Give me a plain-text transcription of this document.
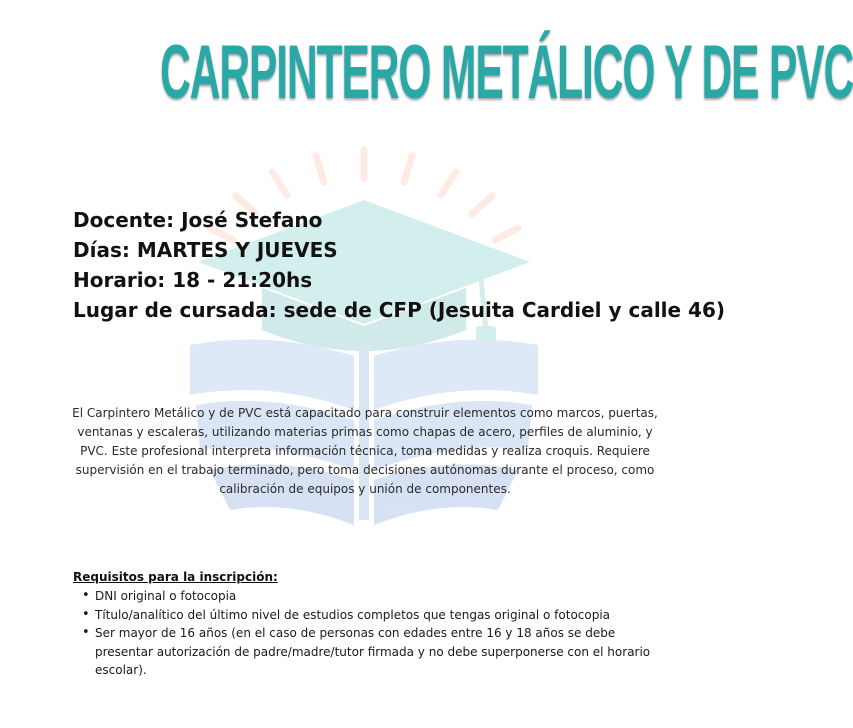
CARPINTERO METÁLICO Y DE PVC
Docente: José Stefano
Días: MARTES Y JUEVES
Horario: 18 - 21:20hs
Lugar de cursada: sede de CFP (Jesuita Cardiel y calle 46)

El Carpintero Metálico y de PVC está capacitado para construir elementos como marcos, puertas, ventanas y escaleras, utilizando materias primas como chapas de acero, perfiles de aluminio, y PVC. Este profesional interpreta información técnica, toma medidas y realiza croquis. Requiere supervisión en el trabajo terminado, pero toma decisiones autónomas durante el proceso, como calibración de equipos y unión de componentes.

Requisitos para la inscripción:

• DNI original o fotocopia
• Título/analítico del último nivel de estudios completos que tengas original o fotocopia
• Ser mayor de 16 años (en el caso de personas con edades entre 16 y 18 años se debe presentar autorización de padre/madre/tutor firmada y no debe superponerse con el horario escolar).
